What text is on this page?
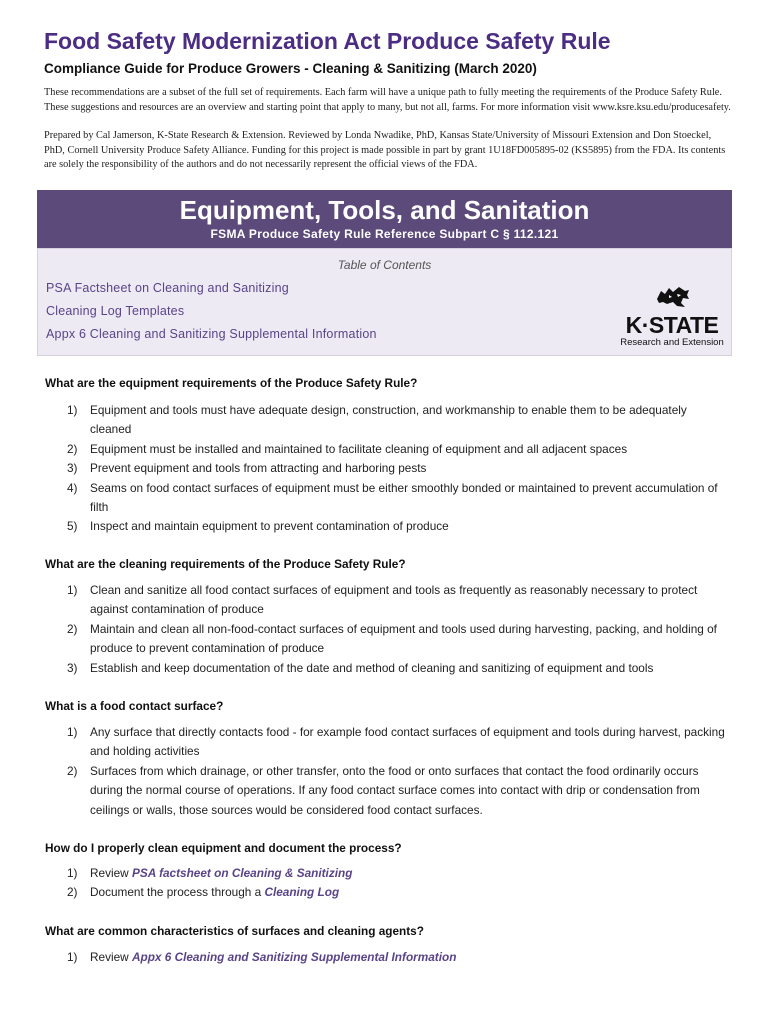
Food Safety Modernization Act Produce Safety Rule
Compliance Guide for Produce Growers - Cleaning & Sanitizing (March 2020)

These recommendations are a subset of the full set of requirements. Each farm will have a unique path to fully meeting the requirements of the Produce Safety Rule. These suggestions and resources are an overview and starting point that apply to many, but not all, farms. For more information visit www.ksre.ksu.edu/producesafety.

Prepared by Cal Jamerson, K-State Research & Extension. Reviewed by Londa Nwadike, PhD, Kansas State/University of Missouri Extension and Don Stoeckel, PhD, Cornell University Produce Safety Alliance. Funding for this project is made possible in part by grant 1U18FD005895-02 (KS5895) from the FDA. Its contents are solely the responsibility of the authors and do not necessarily represent the official views of the FDA.

Equipment, Tools, and Sanitation
FSMA Produce Safety Rule Reference Subpart C § 112.121
Table of Contents
PSA Factsheet on Cleaning and Sanitizing
Cleaning Log Templates
Appx 6 Cleaning and Sanitizing Supplemental Information	K·STATE
Research and Extension

What are the equipment requirements of the Produce Safety Rule?

1) Equipment and tools must have adequate design, construction, and workmanship to enable them to be adequately cleaned
2) Equipment must be installed and maintained to facilitate cleaning of equipment and all adjacent spaces
3) Prevent equipment and tools from attracting and harboring pests
4) Seams on food contact surfaces of equipment must be either smoothly bonded or maintained to prevent accumulation of filth
5) Inspect and maintain equipment to prevent contamination of produce

What are the cleaning requirements of the Produce Safety Rule?

1) Clean and sanitize all food contact surfaces of equipment and tools as frequently as reasonably necessary to protect against contamination of produce
2) Maintain and clean all non-food-contact surfaces of equipment and tools used during harvesting, packing, and holding of produce to prevent contamination of produce
3) Establish and keep documentation of the date and method of cleaning and sanitizing of equipment and tools

What is a food contact surface?

1) Any surface that directly contacts food - for example food contact surfaces of equipment and tools during harvest, packing and holding activities
2) Surfaces from which drainage, or other transfer, onto the food or onto surfaces that contact the food ordinarily occurs during the normal course of operations. If any food contact surface comes into contact with drip or condensation from ceilings or walls, those sources would be considered food contact surfaces.

How do I properly clean equipment and document the process?

1) Review PSA factsheet on Cleaning & Sanitizing
2) Document the process through a Cleaning Log

What are common characteristics of surfaces and cleaning agents?

1) Review Appx 6 Cleaning and Sanitizing Supplemental Information
